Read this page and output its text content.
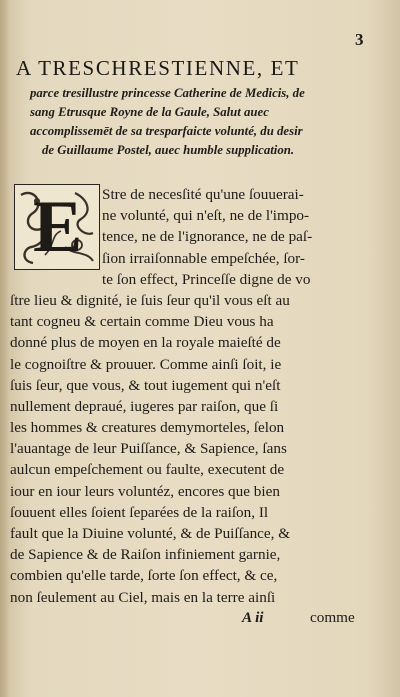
3
A TRESCHRESTIENNE, ET
parce tresillustre princesse Catherine de Medicis, de
sang Etrusque Royne de la Gaule, Salut auec
accomplissemēt de sa tresparfaicte volunté, du desir
de Guillaume Postel, auec humble supplication.
E	Stre de necesſité qu'une ſouuerai-
ne volunté, qui n'eſt, ne de l'impo-
tence, ne de l'ignorance, ne de paſ-
ſion irraiſonnable empeſchée, ſor-
te ſon effect, Princeſſe digne de vo
ſtre lieu & dignité, ie ſuis ſeur qu'il vous eſt au
tant cogneu & certain comme Dieu vous ha
donné plus de moyen en la royale maieſté de
le cognoiſtre & prouuer. Comme ainſi ſoit, ie
ſuis ſeur, que vous, & tout iugement qui n'eſt
nullement depraué, iugeres par raiſon, que ſi
les hommes & creatures demymorteles, ſelon
l'auantage de leur Puiſſance, & Sapience, ſans
aulcun empeſchement ou faulte, executent de
iour en iour leurs voluntéz, encores que bien
ſouuent elles ſoient ſeparées de la raiſon, Il
fault que la Diuine volunté, & de Puiſſance, &
de Sapience & de Raiſon infiniement garnie,
combien qu'elle tarde, ſorte ſon effect, & ce,
non ſeulement au Ciel, mais en la terre ainſi
A ii	comme
